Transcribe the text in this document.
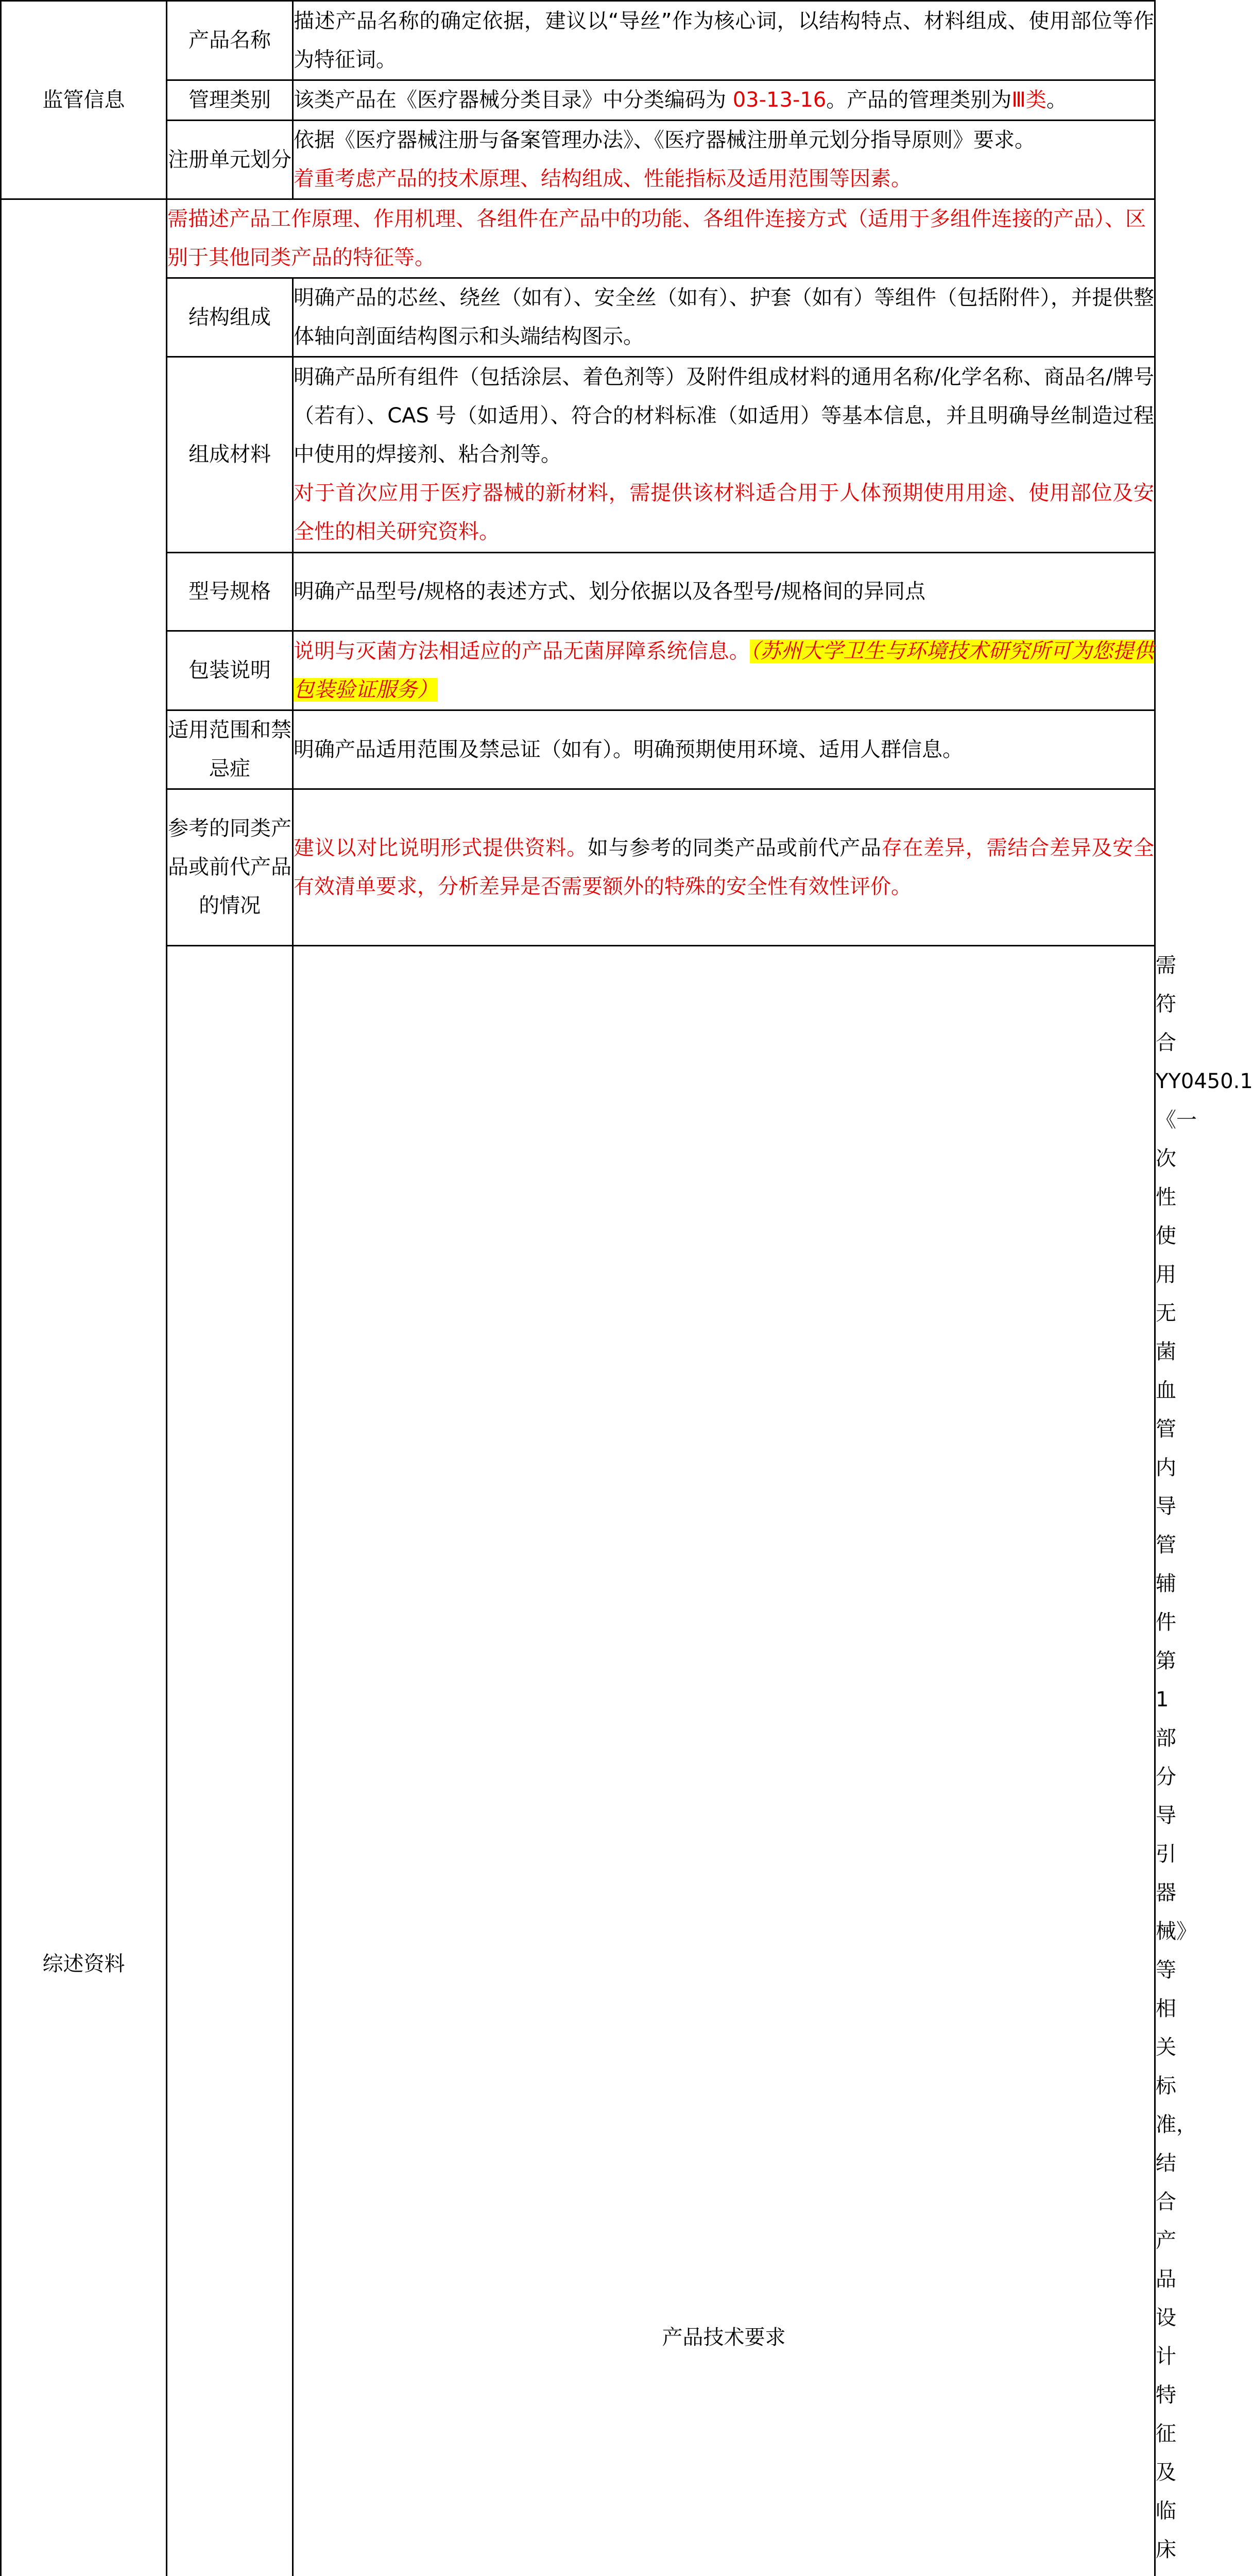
监管信息	产品名称	描述产品名称的确定依据，建议以“导丝”作为核心词，以结构特点、材料组成、使用部位等作为特征词。	
	管理类别	该类产品在《医疗器械分类目录》中分类编码为 03-13-16。产品的管理类别为Ⅲ类。	
	注册单元划分	依据《医疗器械注册与备案管理办法》、《医疗器械注册单元划分指导原则》要求。

着重考虑产品的技术原理、结构组成、性能指标及适用范围等因素。	

综述资料	需描述产品工作原理、作用机理、各组件在产品中的功能、各组件连接方式（适用于多组件连接的产品）、区别于其他同类产品的特征等。		
	结构组成	明确产品的芯丝、绕丝（如有）、安全丝（如有）、护套（如有）等组件（包括附件），并提供整体轴向剖面结构图示和头端结构图示。	
	组成材料	明确产品所有组件（包括涂层、着色剂等）及附件组成材料的通用名称/化学名称、商品名/牌号（若有）、CAS 号（如适用）、符合的材料标准（如适用）等基本信息，并且明确导丝制造过程中使用的焊接剂、粘合剂等。

对于首次应用于医疗器械的新材料，需提供该材料适合用于人体预期使用用途、使用部位及安全性的相关研究资料。	

	型号规格	明确产品型号/规格的表述方式、划分依据以及各型号/规格间的异同点	
	包装说明	说明与灭菌方法相适应的产品无菌屏障系统信息。（苏州大学卫生与环境技术研究所可为您提供包装验证服务）	
	适用范围和禁忌症	明确产品适用范围及禁忌证（如有）。明确预期使用环境、适用人群信息。	
	参考的同类产品或前代产品的情况	建议以对比说明形式提供资料。如与参考的同类产品或前代产品存在差异，需结合差异及安全有效清单要求，分析差异是否需要额外的特殊的安全性有效性评价。	
	产品技术要求	需符合 YY0450.1《一次性使用无菌血管内导管辅件 第 1 部分 导引器械》等相关标准，结合产品设计特征及临床
